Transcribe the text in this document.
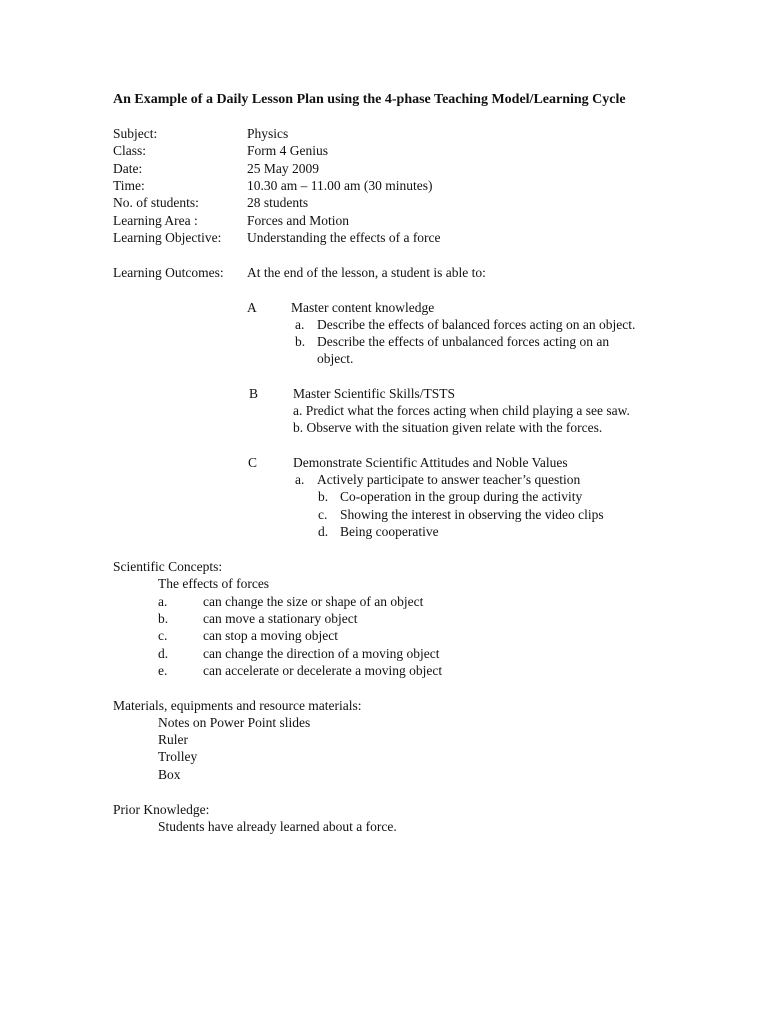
An Example of a Daily Lesson Plan using the 4-phase Teaching Model/Learning Cycle
Subject:	Physics
Class:	Form 4 Genius
Date:	25 May 2009
Time:	10.30 am – 11.00 am (30 minutes)
No. of students:	28 students
Learning Area :	Forces and Motion
Learning Objective: Understanding the effects of a force
Learning Outcomes: At the end of the lesson, a student is able to:
A	Master content knowledge
a. Describe the effects of balanced forces acting on an object.
b. Describe the effects of unbalanced forces acting on an
object.
B	Master Scientific Skills/TSTS
a. Predict what the forces acting when child playing a see saw.
b. Observe with the situation given relate with the forces.
C	Demonstrate Scientific Attitudes and Noble Values
a. Actively participate to answer teacher’s question
b. Co-operation in the group during the activity
c. Showing the interest in observing the video clips
d. Being cooperative
Scientific Concepts:
The effects of forces
a.	can change the size or shape of an object
b.	can move a stationary object
c.	can stop a moving object
d.	can change the direction of a moving object
e.	can accelerate or decelerate a moving object
Materials, equipments and resource materials:
Notes on Power Point slides
Ruler
Trolley
Box
Prior Knowledge:
Students have already learned about a force.
